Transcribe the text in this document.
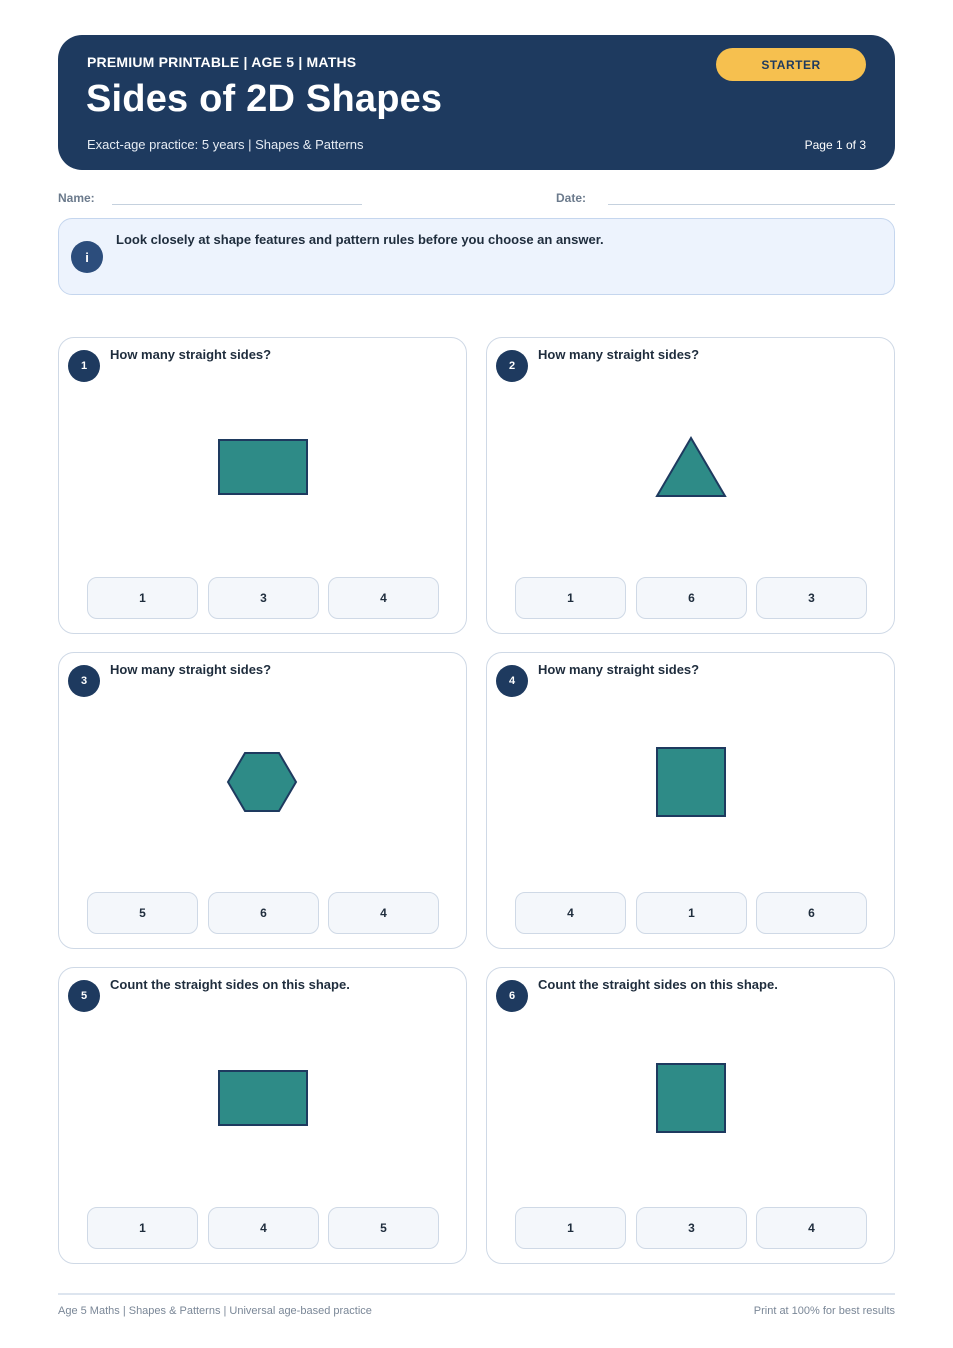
PREMIUM PRINTABLE | AGE 5 | MATHS
Sides of 2D Shapes
Exact-age practice: 5 years | Shapes & Patterns	Page 1 of 3
STARTER
Name:	Date:
i
Look closely at shape features and pattern rules before you choose an answer.
1
How many straight sides?
1	3	4
2
How many straight sides?
1	6	3
3
How many straight sides?
5	6	4
4
How many straight sides?
4	1	6
5
Count the straight sides on this shape.
1	4	5
6
Count the straight sides on this shape.
1	3	4
Age 5 Maths | Shapes & Patterns | Universal age-based practice	Print at 100% for best results
